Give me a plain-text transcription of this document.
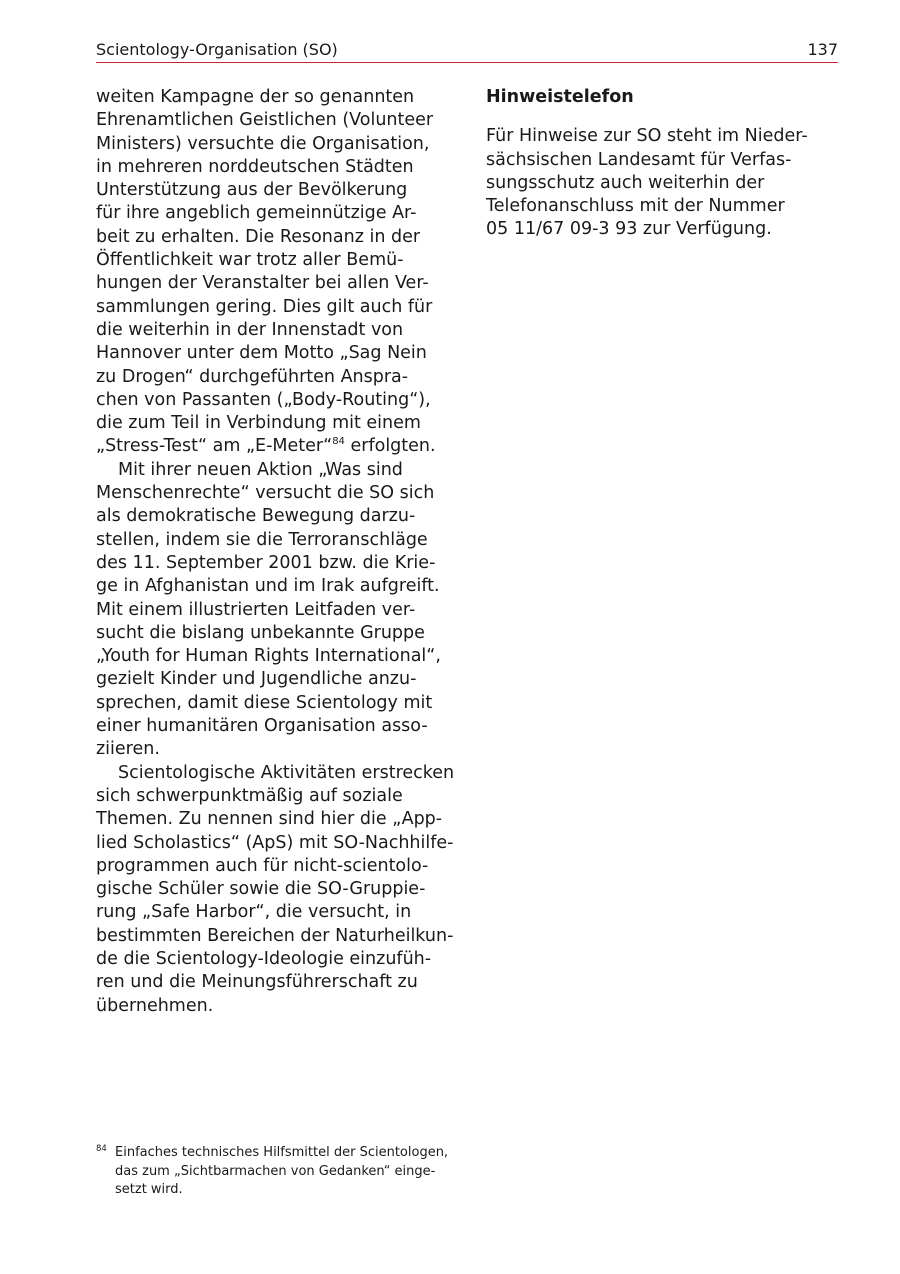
Scientology-Organisation (SO)	137
weiten Kampagne der so genannten
Ehrenamtlichen Geistlichen (Volunteer
Ministers) versuchte die Organisation,
in mehreren norddeutschen Städten
Unterstützung aus der Bevölkerung
für ihre angeblich gemeinnützige Ar-
beit zu erhalten. Die Resonanz in der
Öffentlichkeit war trotz aller Bemü-
hungen der Veranstalter bei allen Ver-
sammlungen gering. Dies gilt auch für
die weiterhin in der Innenstadt von
Hannover unter dem Motto „Sag Nein
zu Drogen“ durchgeführten Anspra-
chen von Passanten („Body-Routing“),
die zum Teil in Verbindung mit einem
„Stress-Test“ am „E-Meter“$^{84}$ erfolgten.
Mit ihrer neuen Aktion „Was sind
Menschenrechte“ versucht die SO sich
als demokratische Bewegung darzu-
stellen, indem sie die Terroranschläge
des 11. September 2001 bzw. die Krie-
ge in Afghanistan und im Irak aufgreift.
Mit einem illustrierten Leitfaden ver-
sucht die bislang unbekannte Gruppe
„Youth for Human Rights International“,
gezielt Kinder und Jugendliche anzu-
sprechen, damit diese Scientology mit
einer humanitären Organisation asso-
ziieren.
Scientologische Aktivitäten erstrecken
sich schwerpunktmäßig auf soziale
Themen. Zu nennen sind hier die „App-
lied Scholastics“ (ApS) mit SO-Nachhilfe-
programmen auch für nicht-scientolo-
gische Schüler sowie die SO-Gruppie-
rung „Safe Harbor“, die versucht, in
bestimmten Bereichen der Naturheilkun-
de die Scientology-Ideologie einzufüh-
ren und die Meinungsführerschaft zu
übernehmen.
Hinweistelefon
Für Hinweise zur SO steht im Nieder-
sächsischen Landesamt für Verfas-
sungsschutz auch weiterhin der
Telefonanschluss mit der Nummer
05 11/67 09-3 93 zur Verfügung.
84 Einfaches technisches Hilfsmittel der Scientologen,
das zum „Sichtbarmachen von Gedanken“ einge-
setzt wird.
